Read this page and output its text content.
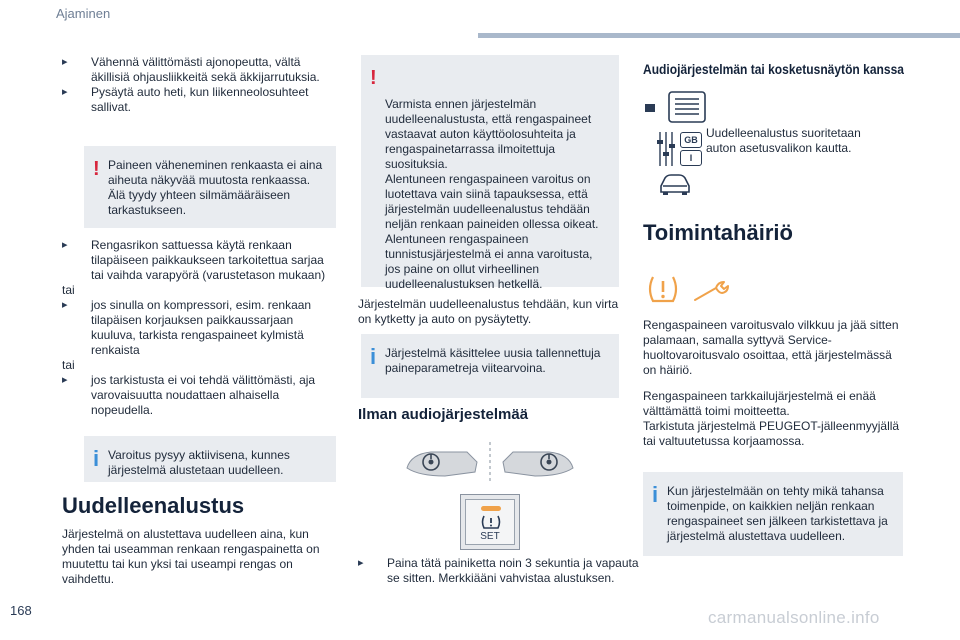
Ajaminen
▸ Vähennä välittömästi ajonopeutta, vältä äkillisiä ohjausliikkeitä sekä äkkijarrutuksia.
▸ Pysäytä auto heti, kun liikenneolosuhteet sallivat.
! Paineen väheneminen renkaasta ei aina aiheuta näkyvää muutosta renkaassa. Älä tyydy yhteen silmämääräiseen tarkastukseen.
▸ Rengasrikon sattuessa käytä renkaan tilapäiseen paikkaukseen tarkoitettua sarjaa tai vaihda varapyörä (varustetason mukaan)
tai
▸ jos sinulla on kompressori, esim. renkaan tilapäisen korjauksen paikkaussarjaan kuuluva, tarkista rengaspaineet kylmistä renkaista
tai
▸ jos tarkistusta ei voi tehdä välittömästi, aja varovaisuutta noudattaen alhaisella nopeudella.
i Varoitus pysyy aktiivisena, kunnes järjestelmä alustetaan uudelleen.
Uudelleenalustus
Järjestelmä on alustettava uudelleen aina, kun yhden tai useamman renkaan rengaspainetta on muutettu tai kun yksi tai useampi rengas on vaihdettu.

!

Varmista ennen järjestelmän uudelleenalustusta, että rengaspaineet vastaavat auton käyttöolosuhteita ja rengaspainetarrassa ilmoitettuja suosituksia.
Alentuneen rengaspaineen varoitus on luotettava vain siinä tapauksessa, että järjestelmän uudelleenalustus tehdään neljän renkaan paineiden ollessa oikeat.
Alentuneen rengaspaineen tunnistusjärjestelmä ei anna varoitusta, jos paine on ollut virheellinen uudelleenalustuksen hetkellä.

Järjestelmän uudelleenalustus tehdään, kun virta on kytketty ja auto on pysäytetty.
i Järjestelmä käsittelee uusia tallennettuja paineparametreja viitearvoina.
Ilman audiojärjestelmää
SET
▸ Paina tätä painiketta noin 3 sekuntia ja vapauta se sitten. Merkkiääni vahvistaa alustuksen.
Audiojärjestelmän tai kosketusnäytön kanssa
GB
I
Uudelleenalustus suoritetaan auton asetusvalikon kautta.
Toimintahäiriö
Rengaspaineen varoitusvalo vilkkuu ja jää sitten palamaan, samalla syttyvä Service-huoltovaroitusvalo osoittaa, että järjestelmässä on häiriö.
Rengaspaineen tarkkailujärjestelmä ei enää välttämättä toimi moitteetta.
Tarkistuta järjestelmä PEUGEOT-jälleenmyyjällä tai valtuutetussa korjaamossa.
i Kun järjestelmään on tehty mikä tahansa toimenpide, on kaikkien neljän renkaan rengaspaineet sen jälkeen tarkistettava ja järjestelmä alustettava uudelleen.
168	carmanualsonline.info
